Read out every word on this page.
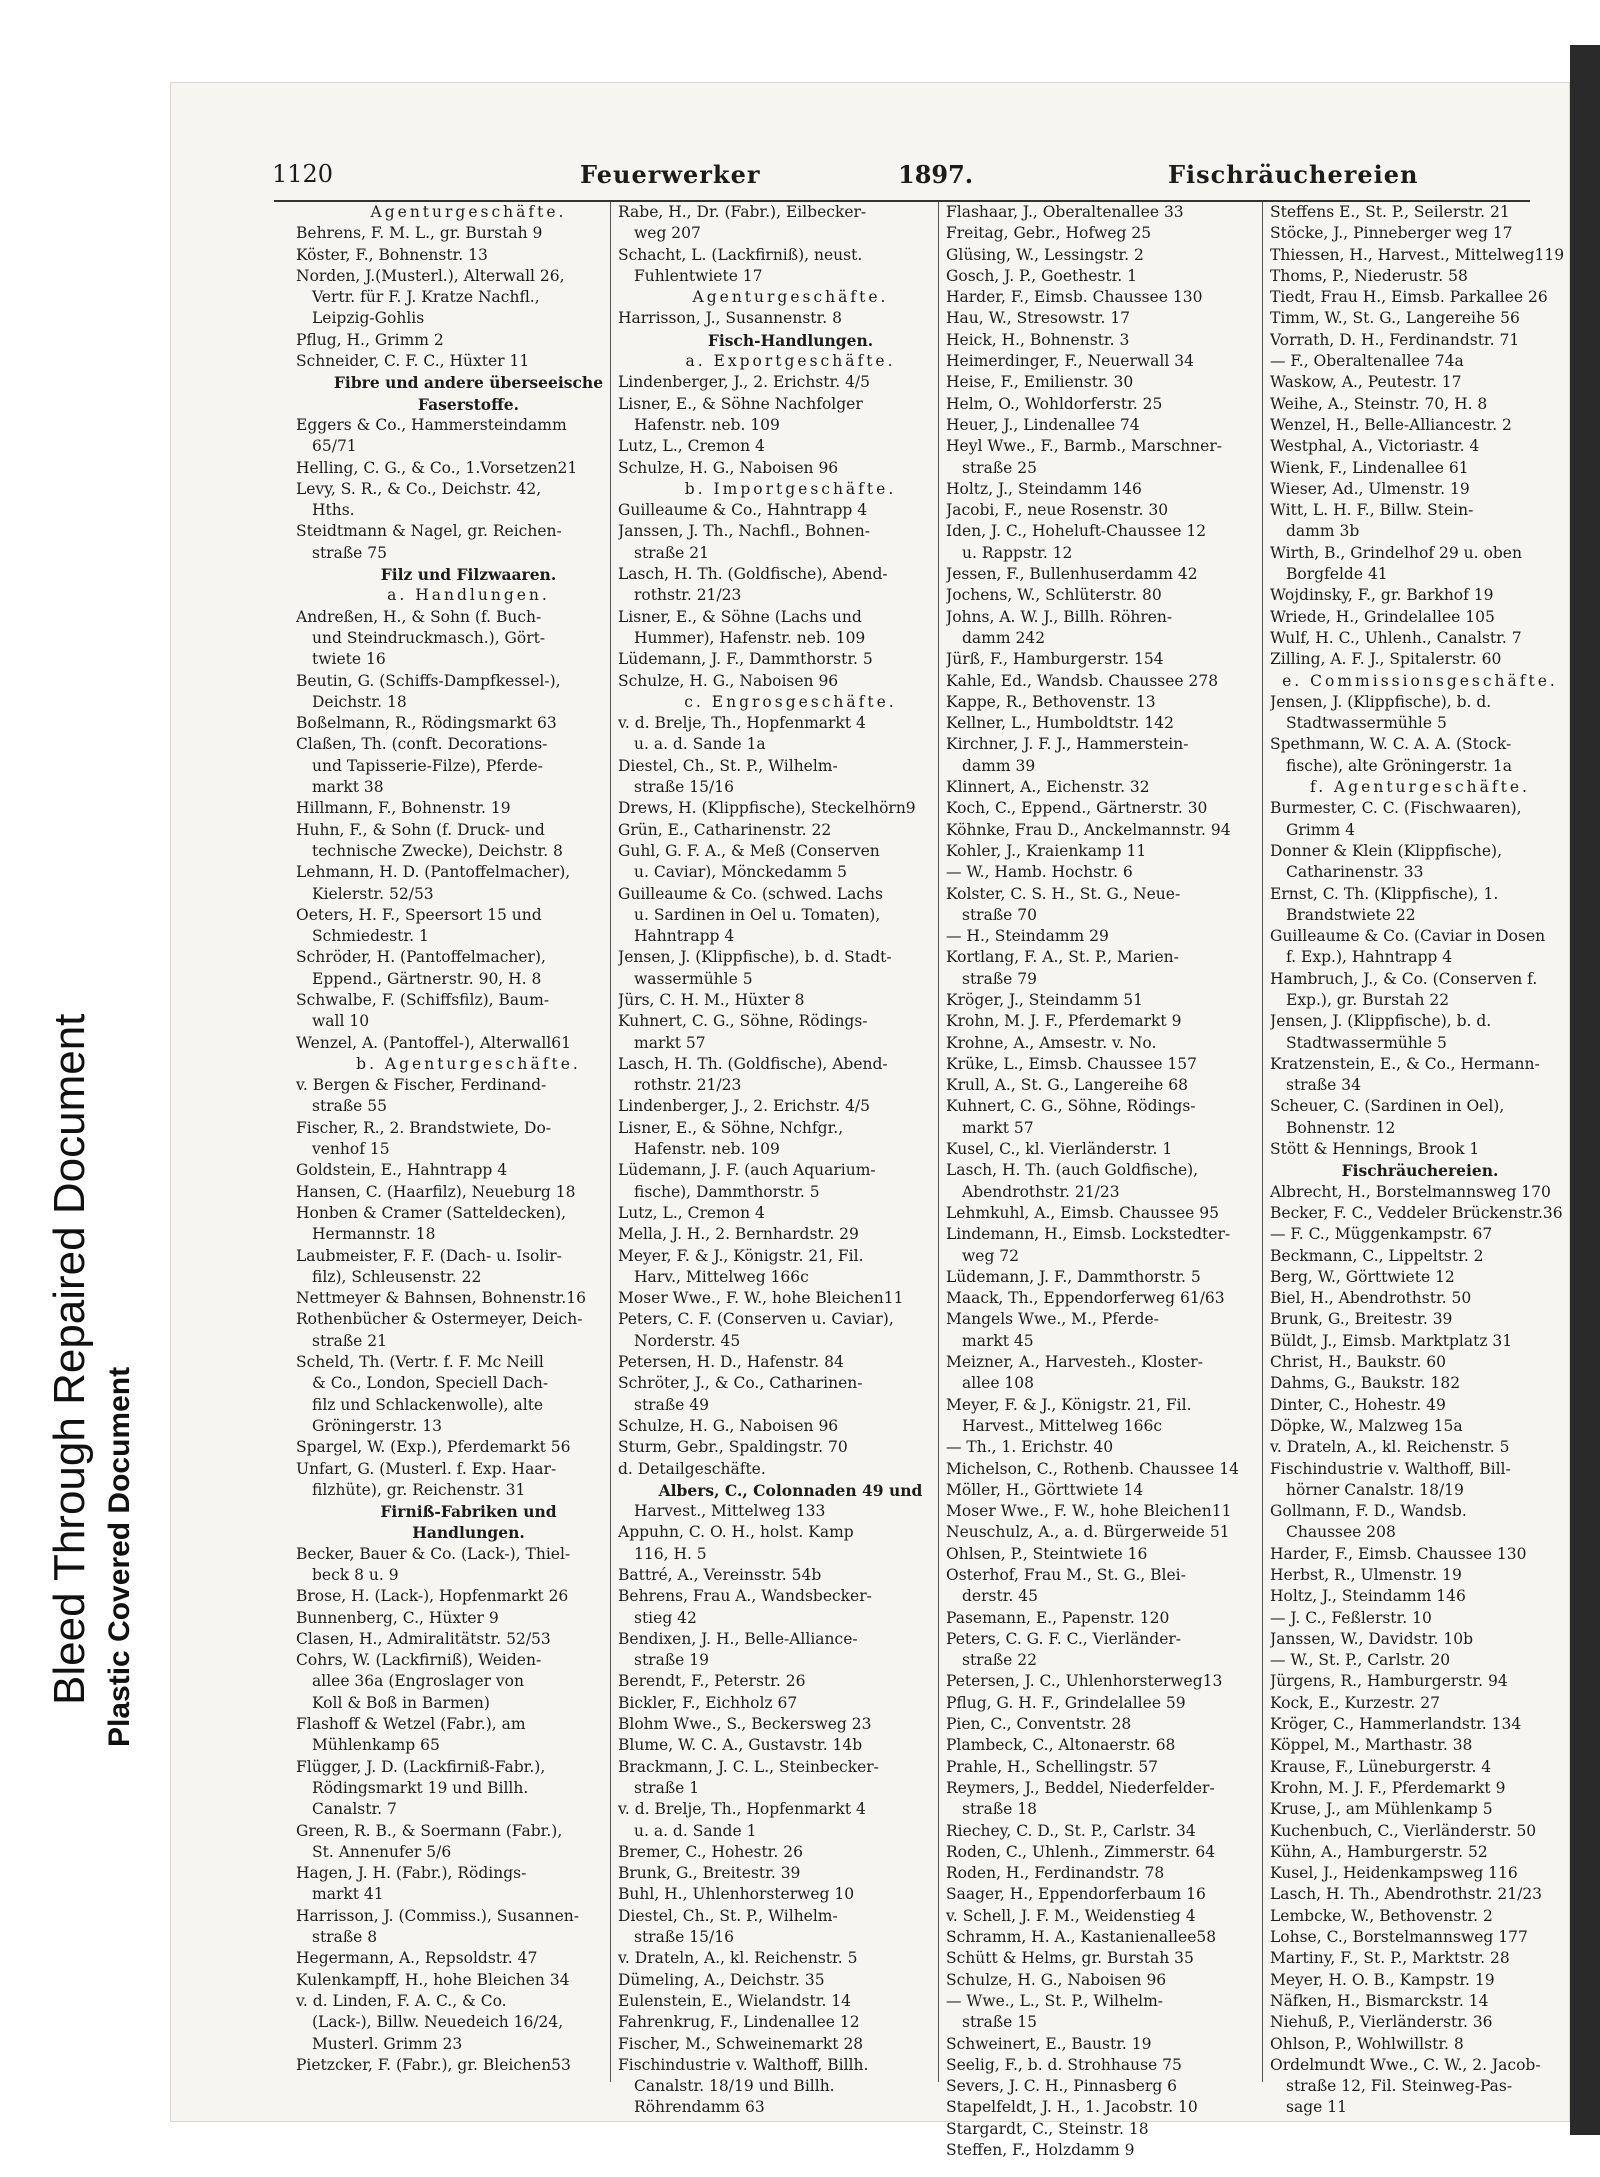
Bleed Through Repaired Document Plastic Covered Document
1120	Feuerwerker	1897.	Fischräuchereien
Agenturgeschäfte.
Behrens, F. M. L., gr. Burstah 9
Köster, F., Bohnenstr. 13
Norden, J.(Musterl.), Alterwall 26,
Vertr. für F. J. Kratze Nachfl.,
Leipzig-Gohlis
Pflug, H., Grimm 2
Schneider, C. F. C., Hüxter 11
Fibre und andere überseeische
Faserstoffe.
Eggers & Co., Hammersteindamm
65/71
Helling, C. G., & Co., 1.Vorsetzen21
Levy, S. R., & Co., Deichstr. 42,
Hths.
Steidtmann & Nagel, gr. Reichen-
straße 75
Filz und Filzwaaren.
a. Handlungen.
Andreßen, H., & Sohn (f. Buch-
und Steindruckmasch.), Gört-
twiete 16
Beutin, G. (Schiffs-Dampfkessel-),
Deichstr. 18
Boßelmann, R., Rödingsmarkt 63
Claßen, Th. (conft. Decorations-
und Tapisserie-Filze), Pferde-
markt 38
Hillmann, F., Bohnenstr. 19
Huhn, F., & Sohn (f. Druck- und
technische Zwecke), Deichstr. 8
Lehmann, H. D. (Pantoffelmacher),
Kielerstr. 52/53
Oeters, H. F., Speersort 15 und
Schmiedestr. 1
Schröder, H. (Pantoffelmacher),
Eppend., Gärtnerstr. 90, H. 8
Schwalbe, F. (Schiffsfilz), Baum-
wall 10
Wenzel, A. (Pantoffel-), Alterwall61
b. Agenturgeschäfte.
v. Bergen & Fischer, Ferdinand-
straße 55
Fischer, R., 2. Brandstwiete, Do-
venhof 15
Goldstein, E., Hahntrapp 4
Hansen, C. (Haarfilz), Neueburg 18
Honben & Cramer (Satteldecken),
Hermannstr. 18
Laubmeister, F. F. (Dach- u. Isolir-
filz), Schleusenstr. 22
Nettmeyer & Bahnsen, Bohnenstr.16
Rothenbücher & Ostermeyer, Deich-
straße 21
Scheld, Th. (Vertr. f. F. Mc Neill
& Co., London, Speciell Dach-
filz und Schlackenwolle), alte
Gröningerstr. 13
Spargel, W. (Exp.), Pferdemarkt 56
Unfart, G. (Musterl. f. Exp. Haar-
filzhüte), gr. Reichenstr. 31
Firniß-Fabriken und
Handlungen.
Becker, Bauer & Co. (Lack-), Thiel-
beck 8 u. 9
Brose, H. (Lack-), Hopfenmarkt 26
Bunnenberg, C., Hüxter 9
Clasen, H., Admiralitätstr. 52/53
Cohrs, W. (Lackfirniß), Weiden-
allee 36a (Engroslager von
Koll & Boß in Barmen)
Flashoff & Wetzel (Fabr.), am
Mühlenkamp 65
Flügger, J. D. (Lackfirniß-Fabr.),
Rödingsmarkt 19 und Billh.
Canalstr. 7
Green, R. B., & Soermann (Fabr.),
St. Annenufer 5/6
Hagen, J. H. (Fabr.), Rödings-
markt 41
Harrisson, J. (Commiss.), Susannen-
straße 8
Hegermann, A., Repsoldstr. 47
Kulenkampff, H., hohe Bleichen 34
v. d. Linden, F. A. C., & Co.
(Lack-), Billw. Neuedeich 16/24,
Musterl. Grimm 23
Pietzcker, F. (Fabr.), gr. Bleichen53
Rabe, H., Dr. (Fabr.), Eilbecker-
weg 207
Schacht, L. (Lackfirniß), neust.
Fuhlentwiete 17
Agenturgeschäfte.
Harrisson, J., Susannenstr. 8
Fisch-Handlungen.
a. Exportgeschäfte.
Lindenberger, J., 2. Erichstr. 4/5
Lisner, E., & Söhne Nachfolger
Hafenstr. neb. 109
Lutz, L., Cremon 4
Schulze, H. G., Naboisen 96
b. Importgeschäfte.
Guilleaume & Co., Hahntrapp 4
Janssen, J. Th., Nachfl., Bohnen-
straße 21
Lasch, H. Th. (Goldfische), Abend-
rothstr. 21/23
Lisner, E., & Söhne (Lachs und
Hummer), Hafenstr. neb. 109
Lüdemann, J. F., Dammthorstr. 5
Schulze, H. G., Naboisen 96
c. Engrosgeschäfte.
v. d. Brelje, Th., Hopfenmarkt 4
u. a. d. Sande 1a
Diestel, Ch., St. P., Wilhelm-
straße 15/16
Drews, H. (Klippfische), Steckelhörn9
Grün, E., Catharinenstr. 22
Guhl, G. F. A., & Meß (Conserven
u. Caviar), Mönckedamm 5
Guilleaume & Co. (schwed. Lachs
u. Sardinen in Oel u. Tomaten),
Hahntrapp 4
Jensen, J. (Klippfische), b. d. Stadt-
wassermühle 5
Jürs, C. H. M., Hüxter 8
Kuhnert, C. G., Söhne, Rödings-
markt 57
Lasch, H. Th. (Goldfische), Abend-
rothstr. 21/23
Lindenberger, J., 2. Erichstr. 4/5
Lisner, E., & Söhne, Nchfgr.,
Hafenstr. neb. 109
Lüdemann, J. F. (auch Aquarium-
fische), Dammthorstr. 5
Lutz, L., Cremon 4
Mella, J. H., 2. Bernhardstr. 29
Meyer, F. & J., Königstr. 21, Fil.
Harv., Mittelweg 166c
Moser Wwe., F. W., hohe Bleichen11
Peters, C. F. (Conserven u. Caviar),
Norderstr. 45
Petersen, H. D., Hafenstr. 84
Schröter, J., & Co., Catharinen-
straße 49
Schulze, H. G., Naboisen 96
Sturm, Gebr., Spaldingstr. 70
d. Detailgeschäfte.
Albers, C., Colonnaden 49 und
Harvest., Mittelweg 133
Appuhn, C. O. H., holst. Kamp
116, H. 5
Battré, A., Vereinsstr. 54b
Behrens, Frau A., Wandsbecker-
stieg 42
Bendixen, J. H., Belle-Alliance-
straße 19
Berendt, F., Peterstr. 26
Bickler, F., Eichholz 67
Blohm Wwe., S., Beckersweg 23
Blume, W. C. A., Gustavstr. 14b
Brackmann, J. C. L., Steinbecker-
straße 1
v. d. Brelje, Th., Hopfenmarkt 4
u. a. d. Sande 1
Bremer, C., Hohestr. 26
Brunk, G., Breitestr. 39
Buhl, H., Uhlenhorsterweg 10
Diestel, Ch., St. P., Wilhelm-
straße 15/16
v. Drateln, A., kl. Reichenstr. 5
Dümeling, A., Deichstr. 35
Eulenstein, E., Wielandstr. 14
Fahrenkrug, F., Lindenallee 12
Fischer, M., Schweinemarkt 28
Fischindustrie v. Walthoff, Billh.
Canalstr. 18/19 und Billh.
Röhrendamm 63
Flashaar, J., Oberaltenallee 33
Freitag, Gebr., Hofweg 25
Glüsing, W., Lessingstr. 2
Gosch, J. P., Goethestr. 1
Harder, F., Eimsb. Chaussee 130
Hau, W., Stresowstr. 17
Heick, H., Bohnenstr. 3
Heimerdinger, F., Neuerwall 34
Heise, F., Emilienstr. 30
Helm, O., Wohldorferstr. 25
Heuer, J., Lindenallee 74
Heyl Wwe., F., Barmb., Marschner-
straße 25
Holtz, J., Steindamm 146
Jacobi, F., neue Rosenstr. 30
Iden, J. C., Hoheluft-Chaussee 12
u. Rappstr. 12
Jessen, F., Bullenhuserdamm 42
Jochens, W., Schlüterstr. 80
Johns, A. W. J., Billh. Röhren-
damm 242
Jürß, F., Hamburgerstr. 154
Kahle, Ed., Wandsb. Chaussee 278
Kappe, R., Bethovenstr. 13
Kellner, L., Humboldtstr. 142
Kirchner, J. F. J., Hammerstein-
damm 39
Klinnert, A., Eichenstr. 32
Koch, C., Eppend., Gärtnerstr. 30
Köhnke, Frau D., Anckelmannstr. 94
Kohler, J., Kraienkamp 11
— W., Hamb. Hochstr. 6
Kolster, C. S. H., St. G., Neue-
straße 70
— H., Steindamm 29
Kortlang, F. A., St. P., Marien-
straße 79
Kröger, J., Steindamm 51
Krohn, M. J. F., Pferdemarkt 9
Krohne, A., Amsestr. v. No.
Krüke, L., Eimsb. Chaussee 157
Krull, A., St. G., Langereihe 68
Kuhnert, C. G., Söhne, Rödings-
markt 57
Kusel, C., kl. Vierländerstr. 1
Lasch, H. Th. (auch Goldfische),
Abendrothstr. 21/23
Lehmkuhl, A., Eimsb. Chaussee 95
Lindemann, H., Eimsb. Lockstedter-
weg 72
Lüdemann, J. F., Dammthorstr. 5
Maack, Th., Eppendorferweg 61/63
Mangels Wwe., M., Pferde-
markt 45
Meizner, A., Harvesteh., Kloster-
allee 108
Meyer, F. & J., Königstr. 21, Fil.
Harvest., Mittelweg 166c
— Th., 1. Erichstr. 40
Michelson, C., Rothenb. Chaussee 14
Möller, H., Görttwiete 14
Moser Wwe., F. W., hohe Bleichen11
Neuschulz, A., a. d. Bürgerweide 51
Ohlsen, P., Steintwiete 16
Osterhof, Frau M., St. G., Blei-
derstr. 45
Pasemann, E., Papenstr. 120
Peters, C. G. F. C., Vierländer-
straße 22
Petersen, J. C., Uhlenhorsterweg13
Pflug, G. H. F., Grindelallee 59
Pien, C., Conventstr. 28
Plambeck, C., Altonaerstr. 68
Prahle, H., Schellingstr. 57
Reymers, J., Beddel, Niederfelder-
straße 18
Riechey, C. D., St. P., Carlstr. 34
Roden, C., Uhlenh., Zimmerstr. 64
Roden, H., Ferdinandstr. 78
Saager, H., Eppendorferbaum 16
v. Schell, J. F. M., Weidenstieg 4
Schramm, H. A., Kastanienallee58
Schütt & Helms, gr. Burstah 35
Schulze, H. G., Naboisen 96
— Wwe., L., St. P., Wilhelm-
straße 15
Schweinert, E., Baustr. 19
Seelig, F., b. d. Strohhause 75
Severs, J. C. H., Pinnasberg 6
Stapelfeldt, J. H., 1. Jacobstr. 10
Stargardt, C., Steinstr. 18
Steffen, F., Holzdamm 9
Steffens E., St. P., Seilerstr. 21
Stöcke, J., Pinneberger weg 17
Thiessen, H., Harvest., Mittelweg119
Thoms, P., Niederustr. 58
Tiedt, Frau H., Eimsb. Parkallee 26
Timm, W., St. G., Langereihe 56
Vorrath, D. H., Ferdinandstr. 71
— F., Oberaltenallee 74a
Waskow, A., Peutestr. 17
Weihe, A., Steinstr. 70, H. 8
Wenzel, H., Belle-Alliancestr. 2
Westphal, A., Victoriastr. 4
Wienk, F., Lindenallee 61
Wieser, Ad., Ulmenstr. 19
Witt, L. H. F., Billw. Stein-
damm 3b
Wirth, B., Grindelhof 29 u. oben
Borgfelde 41
Wojdinsky, F., gr. Barkhof 19
Wriede, H., Grindelallee 105
Wulf, H. C., Uhlenh., Canalstr. 7
Zilling, A. F. J., Spitalerstr. 60
e. Commissionsgeschäfte.
Jensen, J. (Klippfische), b. d.
Stadtwassermühle 5
Spethmann, W. C. A. A. (Stock-
fische), alte Gröningerstr. 1a
f. Agenturgeschäfte.
Burmester, C. C. (Fischwaaren),
Grimm 4
Donner & Klein (Klippfische),
Catharinenstr. 33
Ernst, C. Th. (Klippfische), 1.
Brandstwiete 22
Guilleaume & Co. (Caviar in Dosen
f. Exp.), Hahntrapp 4
Hambruch, J., & Co. (Conserven f.
Exp.), gr. Burstah 22
Jensen, J. (Klippfische), b. d.
Stadtwassermühle 5
Kratzenstein, E., & Co., Hermann-
straße 34
Scheuer, C. (Sardinen in Oel),
Bohnenstr. 12
Stött & Hennings, Brook 1
Fischräuchereien.
Albrecht, H., Borstelmannsweg 170
Becker, F. C., Veddeler Brückenstr.36
— F. C., Müggenkampstr. 67
Beckmann, C., Lippeltstr. 2
Berg, W., Görttwiete 12
Biel, H., Abendrothstr. 50
Brunk, G., Breitestr. 39
Büldt, J., Eimsb. Marktplatz 31
Christ, H., Baukstr. 60
Dahms, G., Baukstr. 182
Dinter, C., Hohestr. 49
Döpke, W., Malzweg 15a
v. Drateln, A., kl. Reichenstr. 5
Fischindustrie v. Walthoff, Bill-
hörner Canalstr. 18/19
Gollmann, F. D., Wandsb.
Chaussee 208
Harder, F., Eimsb. Chaussee 130
Herbst, R., Ulmenstr. 19
Holtz, J., Steindamm 146
— J. C., Feßlerstr. 10
Janssen, W., Davidstr. 10b
— W., St. P., Carlstr. 20
Jürgens, R., Hamburgerstr. 94
Kock, E., Kurzestr. 27
Kröger, C., Hammerlandstr. 134
Köppel, M., Marthastr. 38
Krause, F., Lüneburgerstr. 4
Krohn, M. J. F., Pferdemarkt 9
Kruse, J., am Mühlenkamp 5
Kuchenbuch, C., Vierländerstr. 50
Kühn, A., Hamburgerstr. 52
Kusel, J., Heidenkampsweg 116
Lasch, H. Th., Abendrothstr. 21/23
Lembcke, W., Bethovenstr. 2
Lohse, C., Borstelmannsweg 177
Martiny, F., St. P., Marktstr. 28
Meyer, H. O. B., Kampstr. 19
Näfken, H., Bismarckstr. 14
Niehuß, P., Vierländerstr. 36
Ohlson, P., Wohlwillstr. 8
Ordelmundt Wwe., C. W., 2. Jacob-
straße 12, Fil. Steinweg-Pas-
sage 11
